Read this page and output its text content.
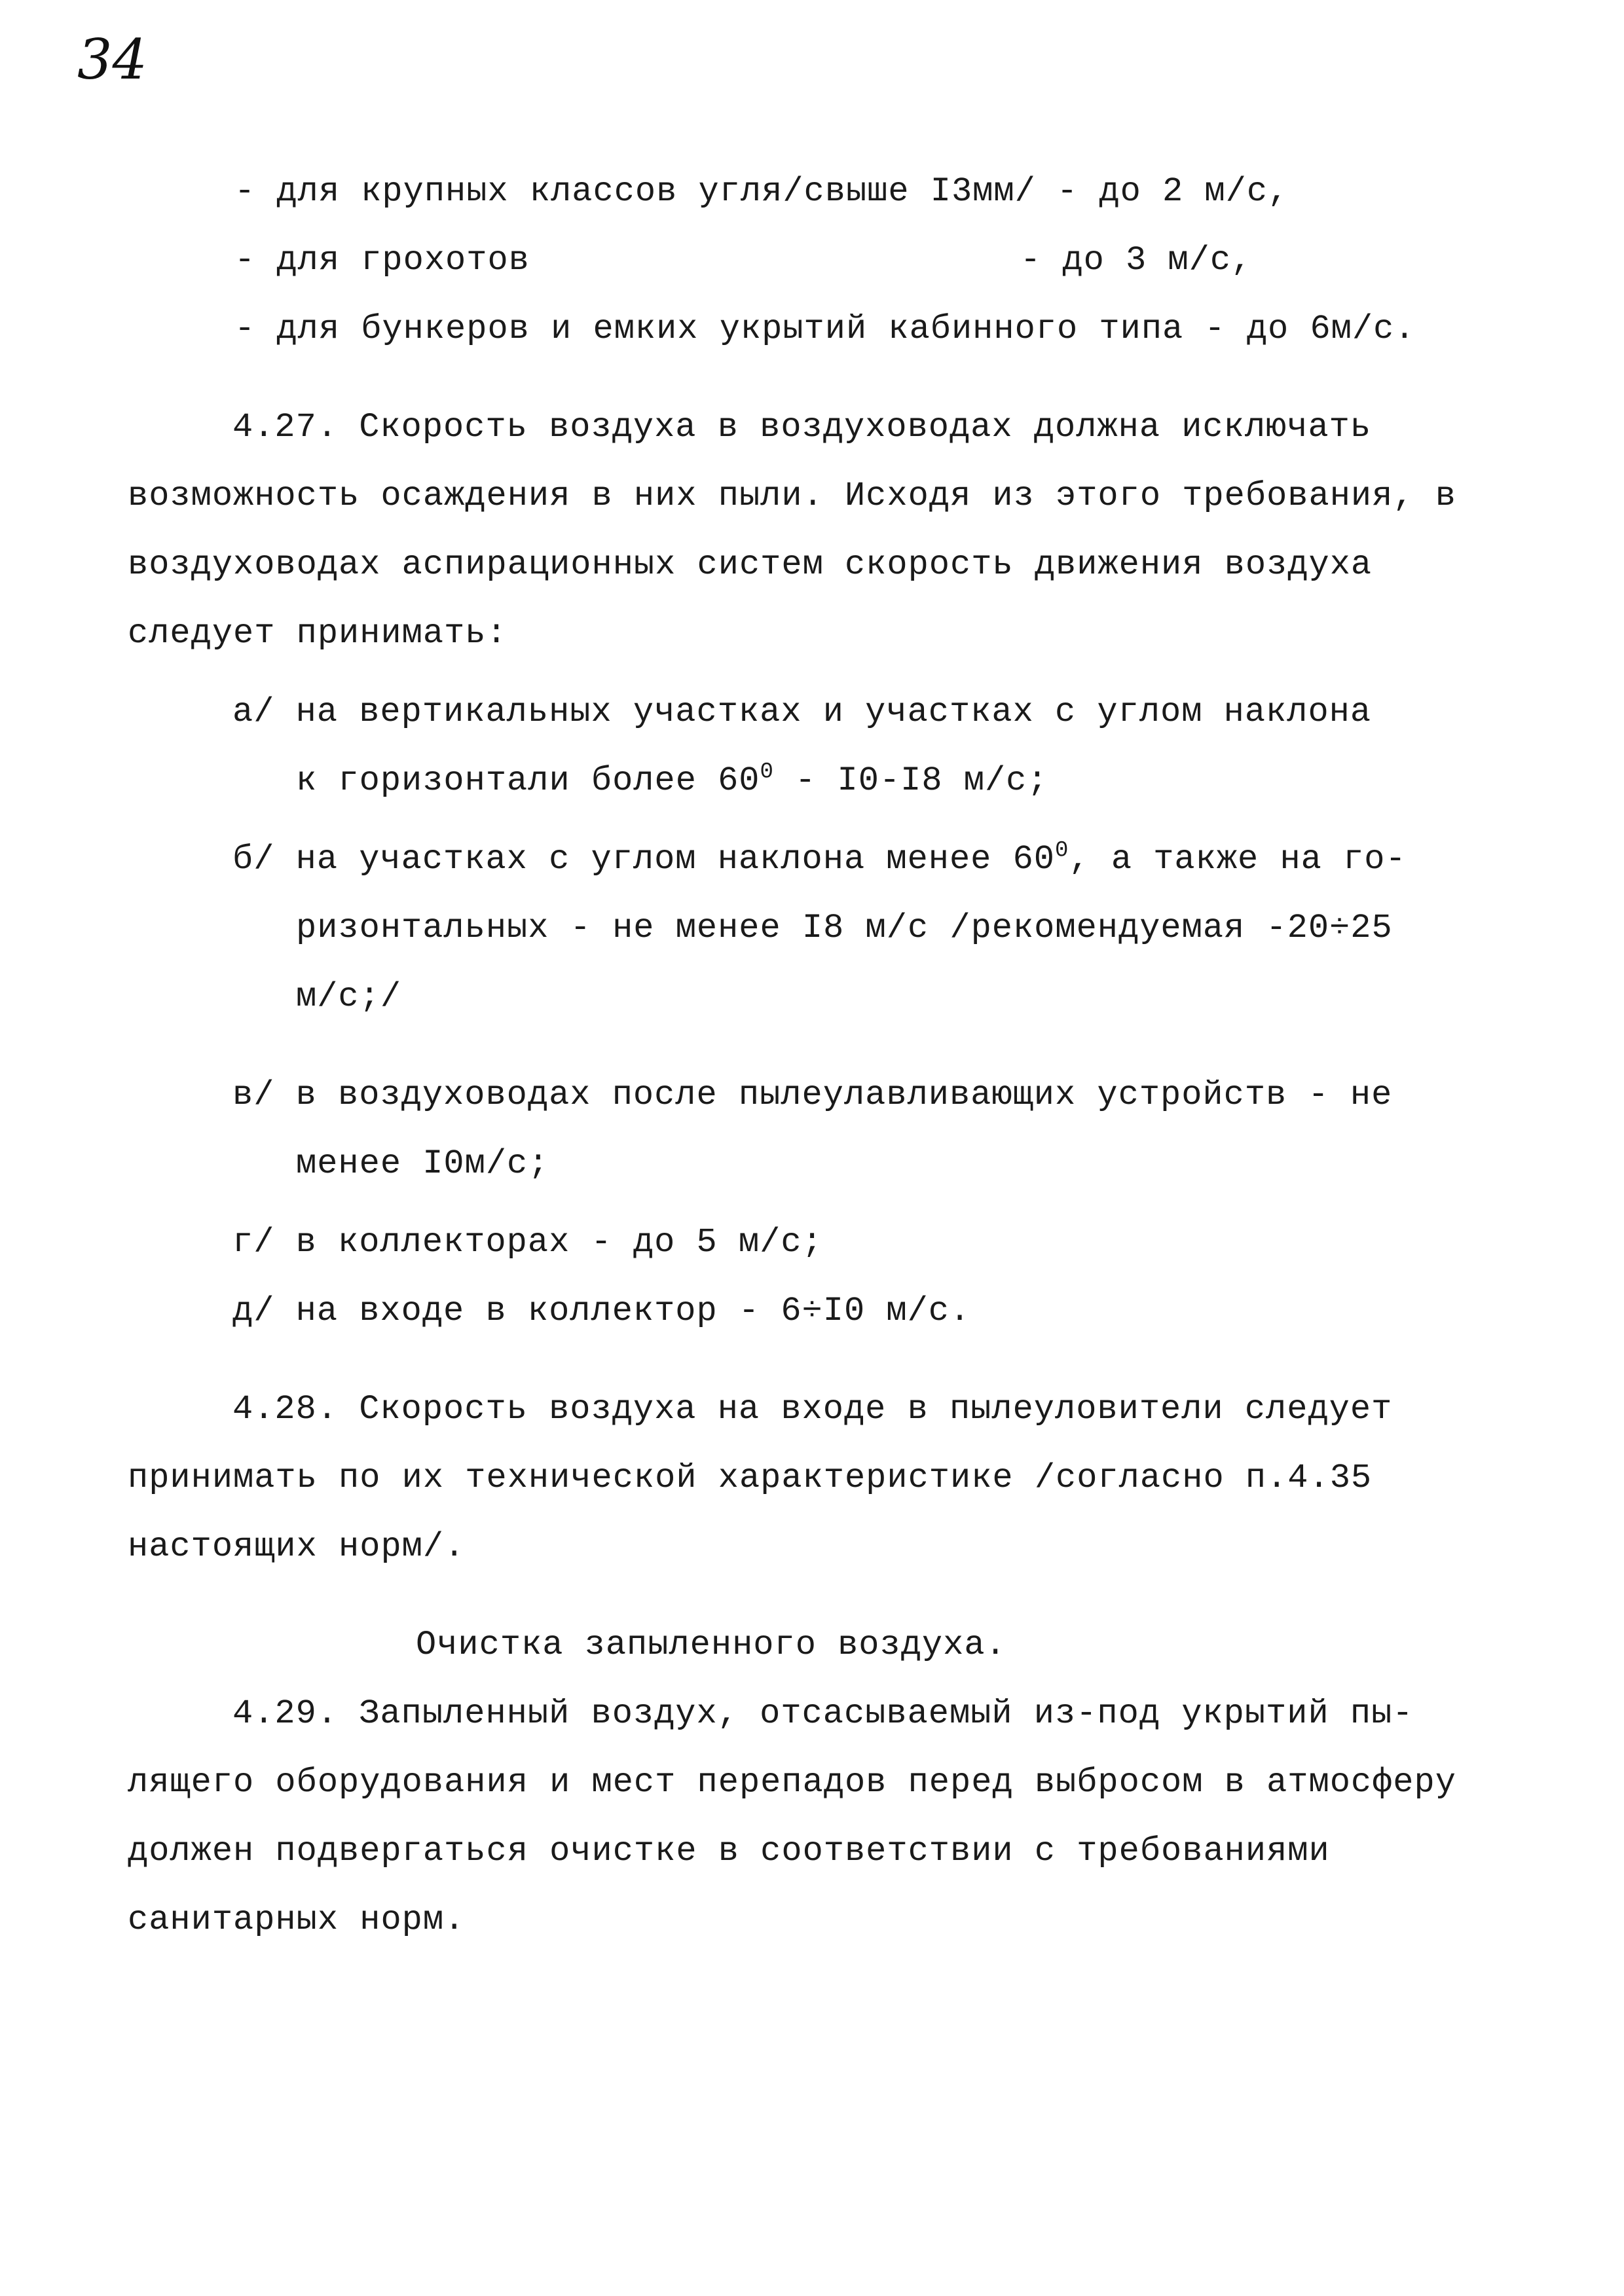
34
- для крупных классов угля/свыше I3мм/ - до 2 м/с,
- для грохотов	- до 3 м/с,
- для бункеров и емких укрытий кабинного типа - до 6м/с.
4.27. Скорость воздуха в воздуховодах должна исключать
возможность осаждения в них пыли. Исходя из этого требования, в
воздуховодах аспирационных систем скорость движения воздуха
следует принимать:
а/ на вертикальных участках и участках с углом наклона
к горизонтали более $60^0 - I0-I8$ м/с;
б/ на участках с углом наклона менее $60^0$, а также на го-
ризонтальных - не менее I8 м/с /рекомендуемая -20÷25
м/с;/
в/ в воздуховодах после пылеулавливающих устройств - не
менее I0м/с;
г/ в коллекторах - до 5 м/с;
д/ на входе в коллектор - 6÷I0 м/с.
4.28. Скорость воздуха на входе в пылеуловители следует
принимать по их технической характеристике /согласно п.4.35
настоящих норм/.
Очистка запыленного воздуха.
4.29. Запыленный воздух, отсасываемый из-под укрытий пы-
лящего оборудования и мест перепадов перед выбросом в атмосферу
должен подвергаться очистке в соответствии с требованиями
санитарных норм.
